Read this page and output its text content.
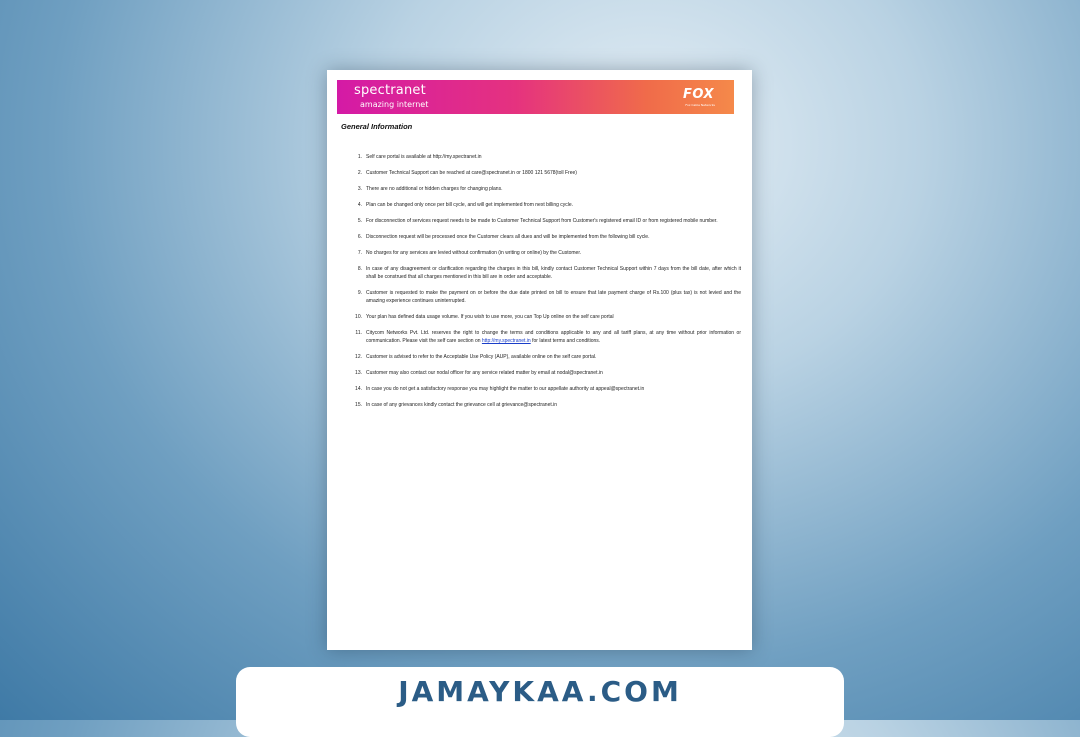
spectranet
amazing internet
FOX
Fox Cable Networks
General Information
1. Self care portal is available at http://my.spectranet.in
2. Customer Technical Support can be reached at care@spectranet.in or 1800 121 5678(toll Free)
3. There are no additional or hidden charges for changing plans.
4. Plan can be changed only once per bill cycle, and will get implemented from next billing cycle.
5. For disconnection of services request needs to be made to Customer Technical Support from Customer's registered email ID or from registered mobile number.
6. Disconnection request will be processed once the Customer clears all dues and will be implemented from the following bill cycle.
7. No charges for any services are levied without confirmation (in writing or online) by the Customer.
8. In case of any disagreement or clarification regarding the charges in this bill, kindly contact Customer Technical Support within 7 days from the bill date, after which it shall be construed that all charges mentioned in this bill are in order and acceptable.
9. Customer is requested to make the payment on or before the due date printed on bill to ensure that late payment charge of Rs.100 (plus tax) is not levied and the amazing experience continues uninterrupted.
10. Your plan has defined data usage volume. If you wish to use more, you can Top Up online on the self care portal
11. Citycom Networks Pvt. Ltd. reserves the right to change the terms and conditions applicable to any and all tariff plans, at any time without prior information or communication. Please visit the self care section on http://my.spectranet.in for latest terms and conditions.
12. Customer is advised to refer to the Acceptable Use Policy (AUP), available online on the self care portal.
13. Customer may also contact our nodal officer for any service related matter by email at nodal@spectranet.in
14. In case you do not get a satisfactory response you may highlight the matter to our appellate authority at appeal@spectranet.in
15. In case of any grievances kindly contact the grievance cell at grievance@spectranet.in
JAMAYKAA.COM
